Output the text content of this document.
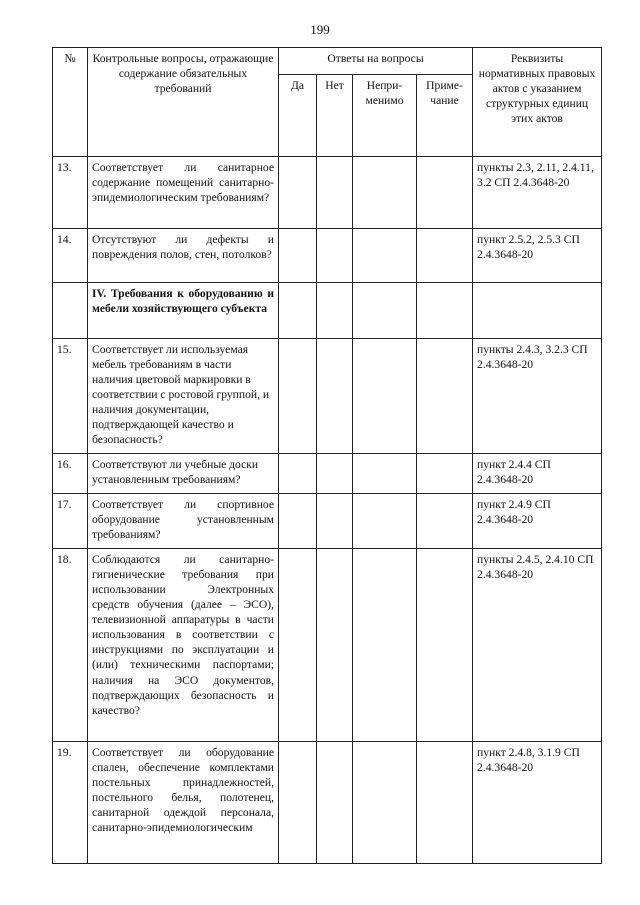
199
№	Контрольные вопросы, отражающие содержание обязательных требований	Ответы на вопросы				Реквизиты нормативных правовых актов с указанием структурных единиц этих актов
		Да	Нет	Непри-менимо	Приме-чание	
13.	Соответствует ли санитарное содержание помещений санитарно-эпидемиологическим требованиям?					пункты 2.3, 2.11, 2.4.11, 3.2 СП 2.4.3648-20
14.	Отсутствуют ли дефекты и повреждения полов, стен, потолков?					пункт 2.5.2, 2.5.3 СП 2.4.3648-20
	IV. Требования к оборудованию и мебели хозяйствующего субъекта					
15.	Соответствует ли используемая мебель требованиям в части наличия цветовой маркировки в соответствии с ростовой группой, и наличия документации, подтверждающей качество и безопасность?					пункты 2.4.3, 3.2.3 СП 2.4.3648-20
16.	Соответствуют ли учебные доски установленным требованиям?					пункт 2.4.4 СП 2.4.3648-20
17.	Соответствует ли спортивное оборудование установленным требованиям?					пункт 2.4.9 СП 2.4.3648-20
18.	Соблюдаются ли санитарно-гигиенические требования при использовании Электронных средств обучения (далее – ЭСО), телевизионной аппаратуры в части использования в соответствии с инструкциями по эксплуатации и (или) техническими паспортами; наличия на ЭСО документов, подтверждающих безопасность и качество?					пункты 2.4.5, 2.4.10 СП 2.4.3648-20
19.	Соответствует ли оборудование спален, обеспечение комплектами постельных принадлежностей, постельного белья, полотенец, санитарной одеждой персонала, санитарно-эпидемиологическим					пункт 2.4.8, 3.1.9 СП 2.4.3648-20
